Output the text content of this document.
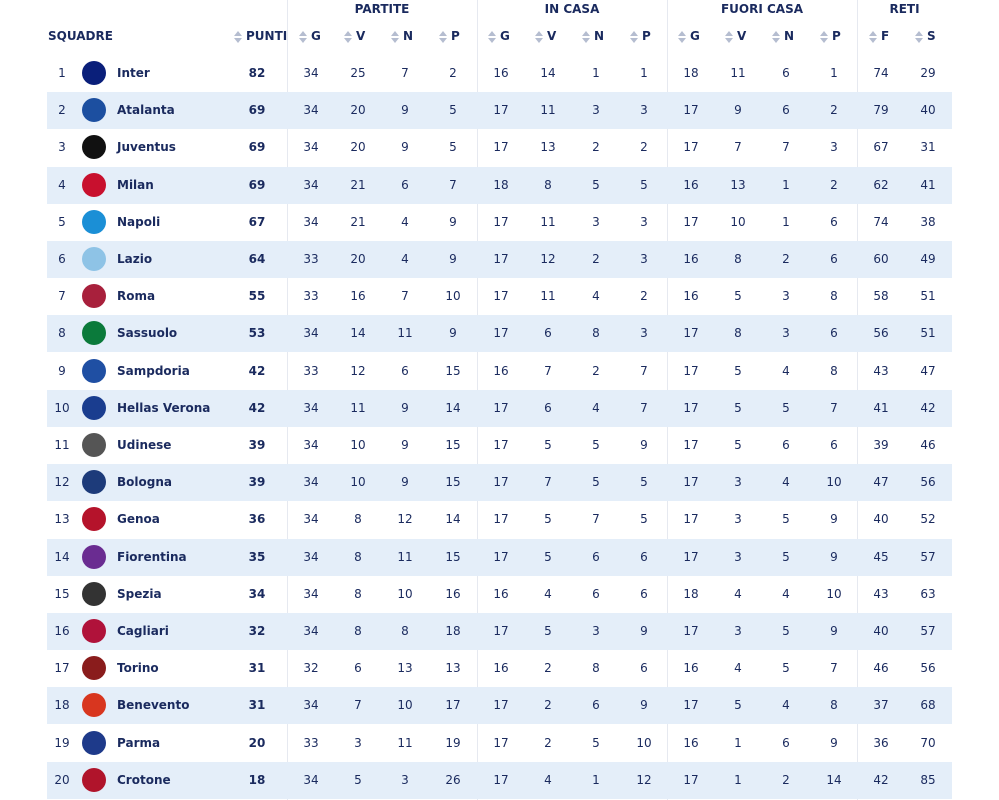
PARTITE	IN CASA	FUORI CASA	RETI
SQUADRE	PUNTI	G	V	N	P	G	V	N	P	G	V	N	P	F	S
1	Inter	82	34	25	7	2	16	14	1	1	18	11	6	1	74	29
2	Atalanta	69	34	20	9	5	17	11	3	3	17	9	6	2	79	40
3	Juventus	69	34	20	9	5	17	13	2	2	17	7	7	3	67	31
4	Milan	69	34	21	6	7	18	8	5	5	16	13	1	2	62	41
5	Napoli	67	34	21	4	9	17	11	3	3	17	10	1	6	74	38
6	Lazio	64	33	20	4	9	17	12	2	3	16	8	2	6	60	49
7	Roma	55	33	16	7	10	17	11	4	2	16	5	3	8	58	51
8	Sassuolo	53	34	14	11	9	17	6	8	3	17	8	3	6	56	51
9	Sampdoria	42	33	12	6	15	16	7	2	7	17	5	4	8	43	47
10	Hellas Verona	42	34	11	9	14	17	6	4	7	17	5	5	7	41	42
11	Udinese	39	34	10	9	15	17	5	5	9	17	5	6	6	39	46
12	Bologna	39	34	10	9	15	17	7	5	5	17	3	4	10	47	56
13	Genoa	36	34	8	12	14	17	5	7	5	17	3	5	9	40	52
14	Fiorentina	35	34	8	11	15	17	5	6	6	17	3	5	9	45	57
15	Spezia	34	34	8	10	16	16	4	6	6	18	4	4	10	43	63
16	Cagliari	32	34	8	8	18	17	5	3	9	17	3	5	9	40	57
17	Torino	31	32	6	13	13	16	2	8	6	16	4	5	7	46	56
18	Benevento	31	34	7	10	17	17	2	6	9	17	5	4	8	37	68
19	Parma	20	33	3	11	19	17	2	5	10	16	1	6	9	36	70
20	Crotone	18	34	5	3	26	17	4	1	12	17	1	2	14	42	85
